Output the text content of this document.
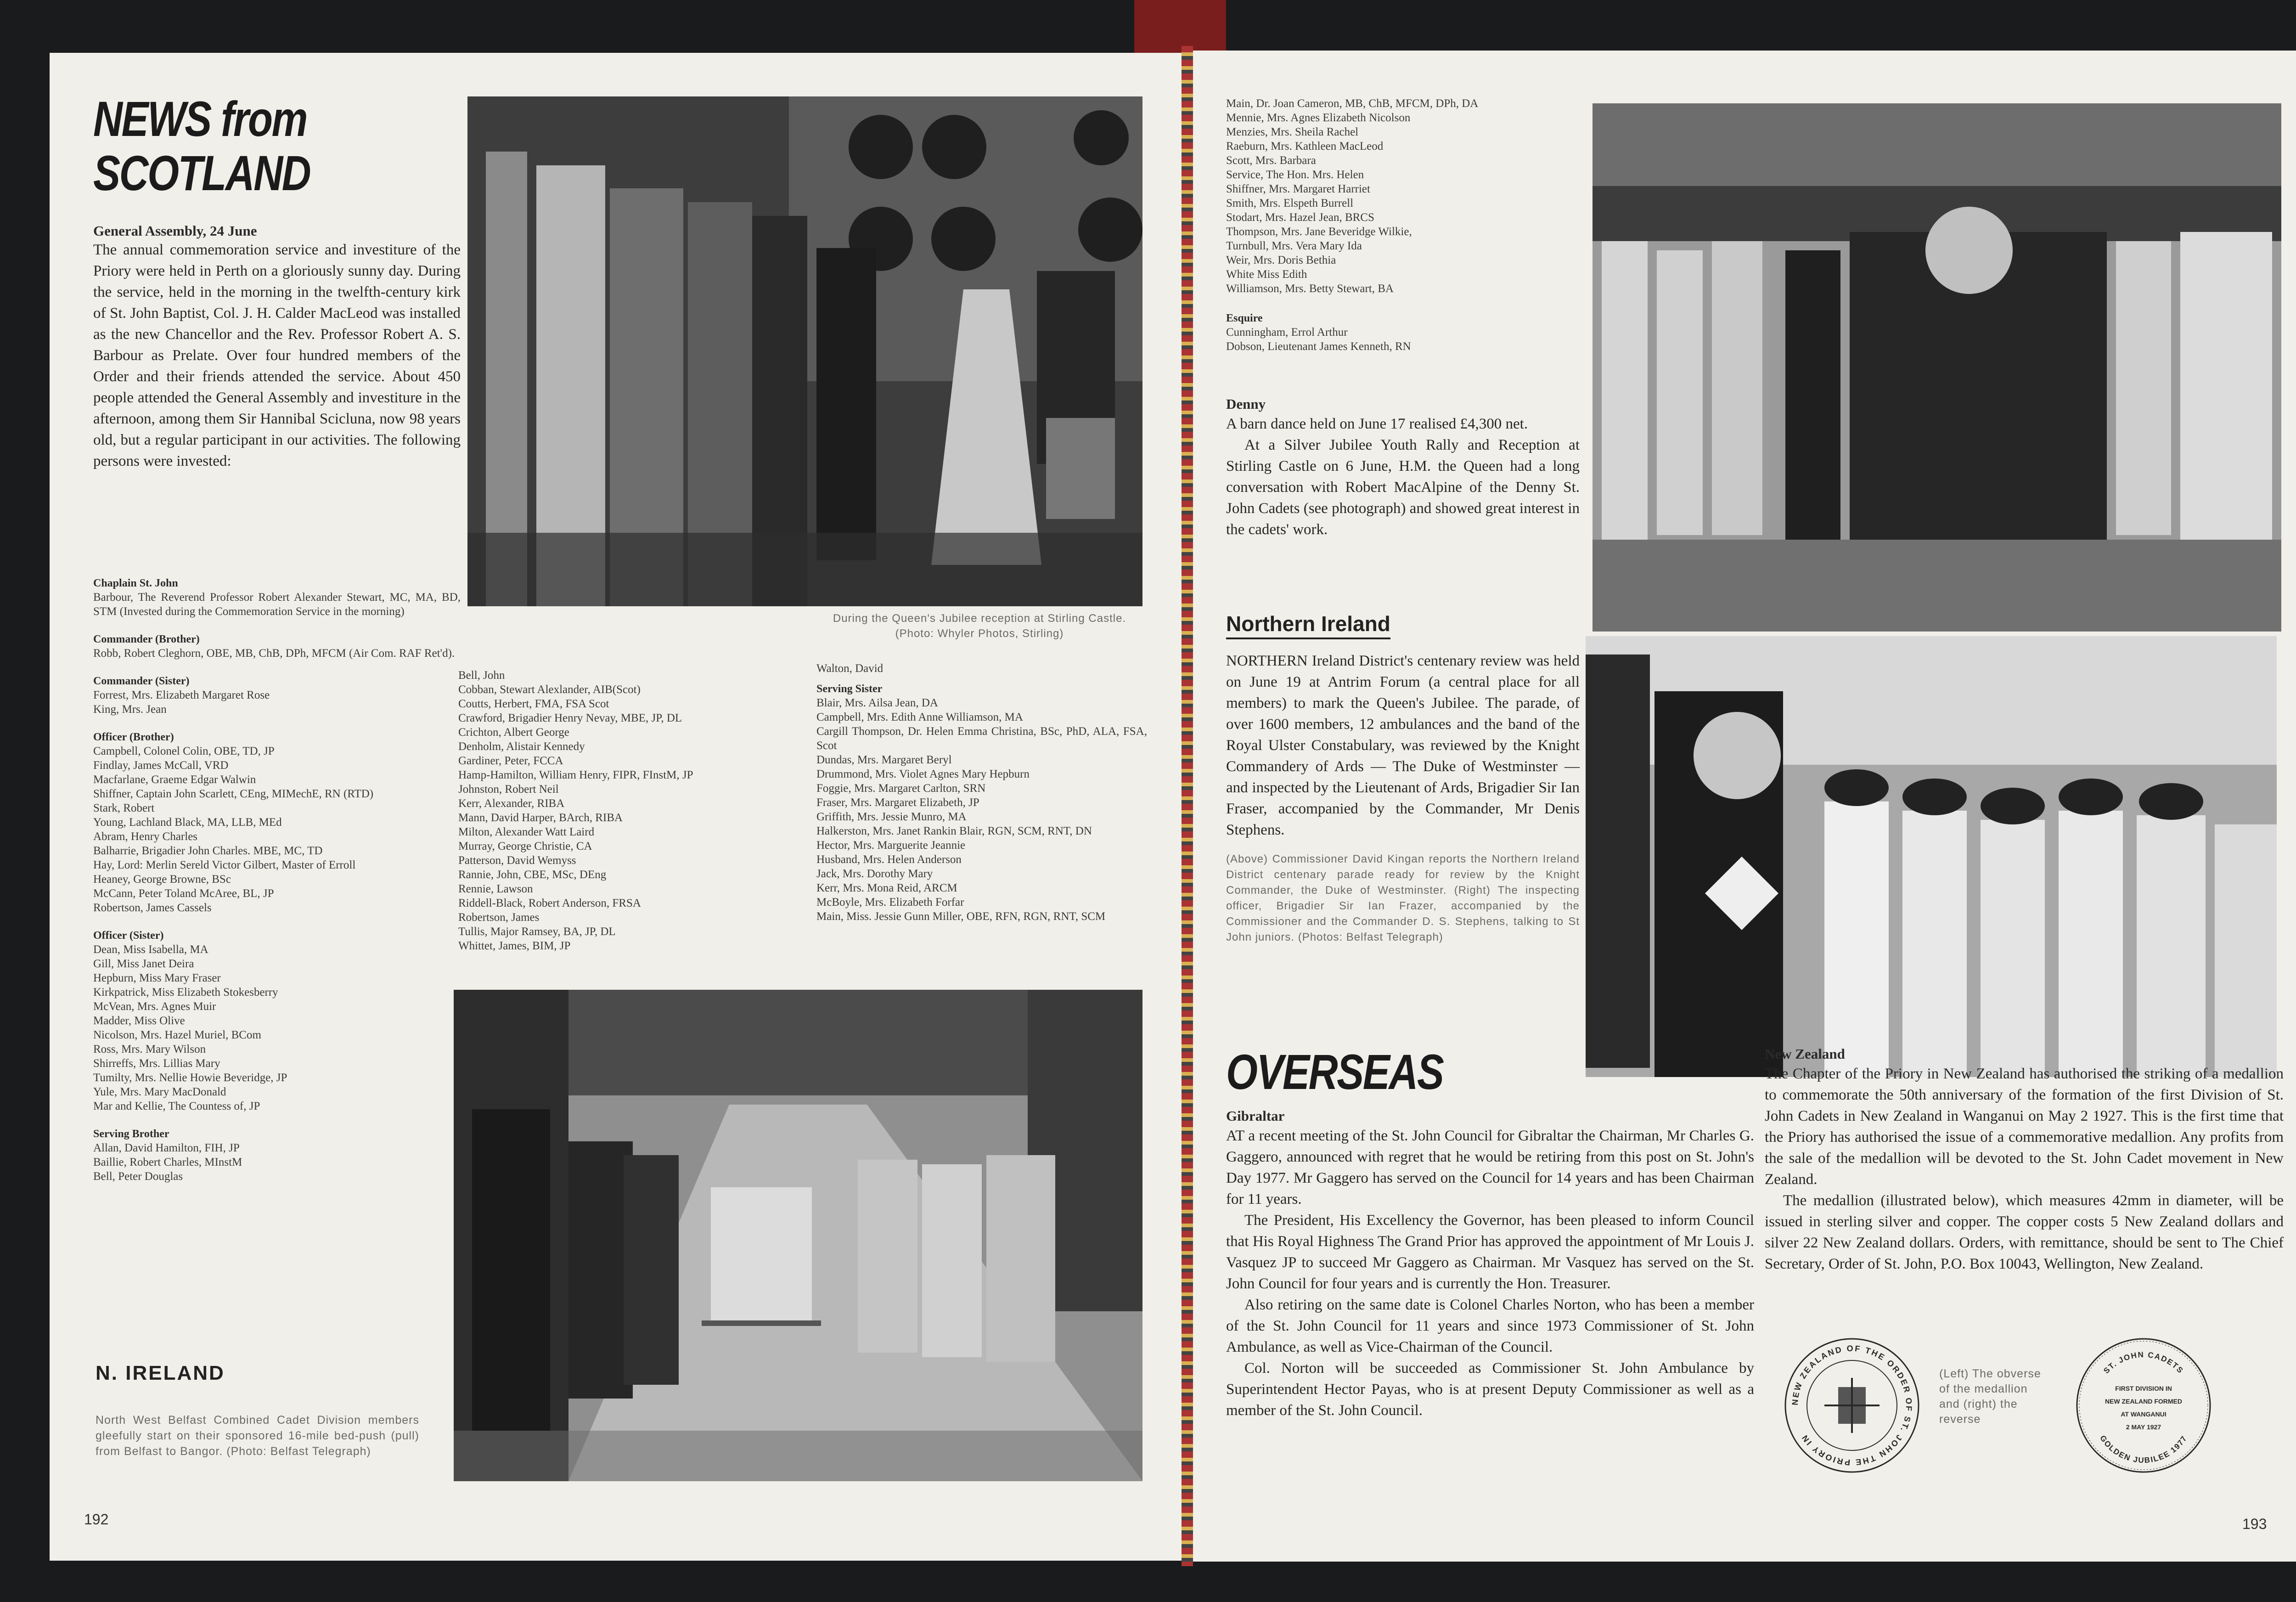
NEWS from
SCOTLAND
General Assembly, 24 June
The annual commemoration service and investiture of the Priory were held in Perth on a gloriously sunny day. During the service, held in the morning in the twelfth-century kirk of St. John Baptist, Col. J. H. Calder MacLeod was installed as the new Chancellor and the Rev. Professor Robert A. S. Barbour as Prelate. Over four hundred members of the Order and their friends attended the service. About 450 people attended the General Assembly and investiture in the afternoon, among them Sir Hannibal Scicluna, now 98 years old, but a regular participant in our activities. The following persons were invested:
During the Queen's Jubilee reception at Stirling Castle. (Photo: Whyler Photos, Stirling)
Chaplain St. John
Barbour, The Reverend Professor Robert Alexander Stewart, MC, MA, BD, STM (Invested during the Commemoration Service in the morning)
Commander (Brother)
Robb, Robert Cleghorn, OBE, MB, ChB, DPh, MFCM (Air Com. RAF Ret'd).
Commander (Sister)
Forrest, Mrs. Elizabeth Margaret Rose
King, Mrs. Jean
Officer (Brother)
Campbell, Colonel Colin, OBE, TD, JP
Findlay, James McCall, VRD
Macfarlane, Graeme Edgar Walwin
Shiffner, Captain John Scarlett, CEng, MIMechE, RN (RTD)
Stark, Robert
Young, Lachland Black, MA, LLB, MEd
Abram, Henry Charles
Balharrie, Brigadier John Charles. MBE, MC, TD
Hay, Lord: Merlin Sereld Victor Gilbert, Master of Erroll
Heaney, George Browne, BSc
McCann, Peter Toland McAree, BL, JP
Robertson, James Cassels
Officer (Sister)
Dean, Miss Isabella, MA
Gill, Miss Janet Deira
Hepburn, Miss Mary Fraser
Kirkpatrick, Miss Elizabeth Stokesberry
McVean, Mrs. Agnes Muir
Madder, Miss Olive
Nicolson, Mrs. Hazel Muriel, BCom
Ross, Mrs. Mary Wilson
Shirreffs, Mrs. Lillias Mary
Tumilty, Mrs. Nellie Howie Beveridge, JP
Yule, Mrs. Mary MacDonald
Mar and Kellie, The Countess of, JP
Serving Brother
Allan, David Hamilton, FIH, JP
Baillie, Robert Charles, MInstM
Bell, Peter Douglas
Bell, John
Cobban, Stewart Alexlander, AIB(Scot)
Coutts, Herbert, FMA, FSA Scot
Crawford, Brigadier Henry Nevay, MBE, JP, DL
Crichton, Albert George
Denholm, Alistair Kennedy
Gardiner, Peter, FCCA
Hamp-Hamilton, William Henry, FIPR, FInstM, JP
Johnston, Robert Neil
Kerr, Alexander, RIBA
Mann, David Harper, BArch, RIBA
Milton, Alexander Watt Laird
Murray, George Christie, CA
Patterson, David Wemyss
Rannie, John, CBE, MSc, DEng
Rennie, Lawson
Riddell-Black, Robert Anderson, FRSA
Robertson, James
Tullis, Major Ramsey, BA, JP, DL
Whittet, James, BIM, JP
Walton, David
Serving Sister
Blair, Mrs. Ailsa Jean, DA
Campbell, Mrs. Edith Anne Williamson, MA
Cargill Thompson, Dr. Helen Emma Christina, BSc, PhD, ALA, FSA, Scot
Dundas, Mrs. Margaret Beryl
Drummond, Mrs. Violet Agnes Mary Hepburn
Foggie, Mrs. Margaret Carlton, SRN
Fraser, Mrs. Margaret Elizabeth, JP
Griffith, Mrs. Jessie Munro, MA
Halkerston, Mrs. Janet Rankin Blair, RGN, SCM, RNT, DN
Hector, Mrs. Marguerite Jeannie
Husband, Mrs. Helen Anderson
Jack, Mrs. Dorothy Mary
Kerr, Mrs. Mona Reid, ARCM
McBoyle, Mrs. Elizabeth Forfar
Main, Miss. Jessie Gunn Miller, OBE, RFN, RGN, RNT, SCM
N. IRELAND
North West Belfast Combined Cadet Division members gleefully start on their sponsored 16-mile bed-push (pull) from Belfast to Bangor. (Photo: Belfast Telegraph)
192
Main, Dr. Joan Cameron, MB, ChB, MFCM, DPh, DA
Mennie, Mrs. Agnes Elizabeth Nicolson
Menzies, Mrs. Sheila Rachel
Raeburn, Mrs. Kathleen MacLeod
Scott, Mrs. Barbara
Service, The Hon. Mrs. Helen
Shiffner, Mrs. Margaret Harriet
Smith, Mrs. Elspeth Burrell
Stodart, Mrs. Hazel Jean, BRCS
Thompson, Mrs. Jane Beveridge Wilkie,
Turnbull, Mrs. Vera Mary Ida
Weir, Mrs. Doris Bethia
White Miss Edith
Williamson, Mrs. Betty Stewart, BA
Esquire
Cunningham, Errol Arthur
Dobson, Lieutenant James Kenneth, RN
Denny
A barn dance held on June 17 realised £4,300 net.
At a Silver Jubilee Youth Rally and Reception at Stirling Castle on 6 June, H.M. the Queen had a long conversation with Robert MacAlpine of the Denny St. John Cadets (see photograph) and showed great interest in the cadets' work.
Northern Ireland
NORTHERN Ireland District's centenary review was held on June 19 at Antrim Forum (a central place for all members) to mark the Queen's Jubilee. The parade, of over 1600 members, 12 ambulances and the band of the Royal Ulster Constabulary, was reviewed by the Knight Commandery of Ards — The Duke of Westminster — and inspected by the Lieutenant of Ards, Brigadier Sir Ian Fraser, accompanied by the Commander, Mr Denis Stephens.
(Above) Commissioner David Kingan reports the Northern Ireland District centenary parade ready for review by the Knight Commander, the Duke of Westminster. (Right) The inspecting officer, Brigadier Sir Ian Frazer, accompanied by the Commissioner and the Commander D. S. Stephens, talking to St John juniors. (Photos: Belfast Telegraph)
OVERSEAS
Gibraltar
AT a recent meeting of the St. John Council for Gibraltar the Chairman, Mr Charles G. Gaggero, announced with regret that he would be retiring from this post on St. John's Day 1977. Mr Gaggero has served on the Council for 14 years and has been Chairman for 11 years.
The President, His Excellency the Governor, has been pleased to inform Council that His Royal Highness The Grand Prior has approved the appointment of Mr Louis J. Vasquez JP to succeed Mr Gaggero as Chairman. Mr Vasquez has served on the St. John Council for four years and is currently the Hon. Treasurer.
Also retiring on the same date is Colonel Charles Norton, who has been a member of the St. John Council for 11 years and since 1973 Commissioner of St. John Ambulance, as well as Vice-Chairman of the Council.
Col. Norton will be succeeded as Commissioner St. John Ambulance by Superintendent Hector Payas, who is at present Deputy Commissioner as well as a member of the St. John Council.
New Zealand
The Chapter of the Priory in New Zealand has authorised the striking of a medallion to commemorate the 50th anniversary of the formation of the first Division of St. John Cadets in New Zealand in Wanganui on May 2 1927. This is the first time that the Priory has authorised the issue of a commemorative medallion. Any profits from the sale of the medallion will be devoted to the St. John Cadet movement in New Zealand.
The medallion (illustrated below), which measures 42mm in diameter, will be issued in sterling silver and copper. The copper costs 5 New Zealand dollars and silver 22 New Zealand dollars. Orders, with remittance, should be sent to The Chief Secretary, Order of St. John, P.O. Box 10043, Wellington, New Zealand.
NEW ZEALAND OF THE ORDER OF ST. JOHN THE PRIORY IN
(Left) The obverse of the medallion and (right) the reverse
ST. JOHN CADETS
GOLDEN JUBILEE 1977
FIRST DIVISION IN
NEW ZEALAND FORMED
AT WANGANUI
2 MAY 1927
193
